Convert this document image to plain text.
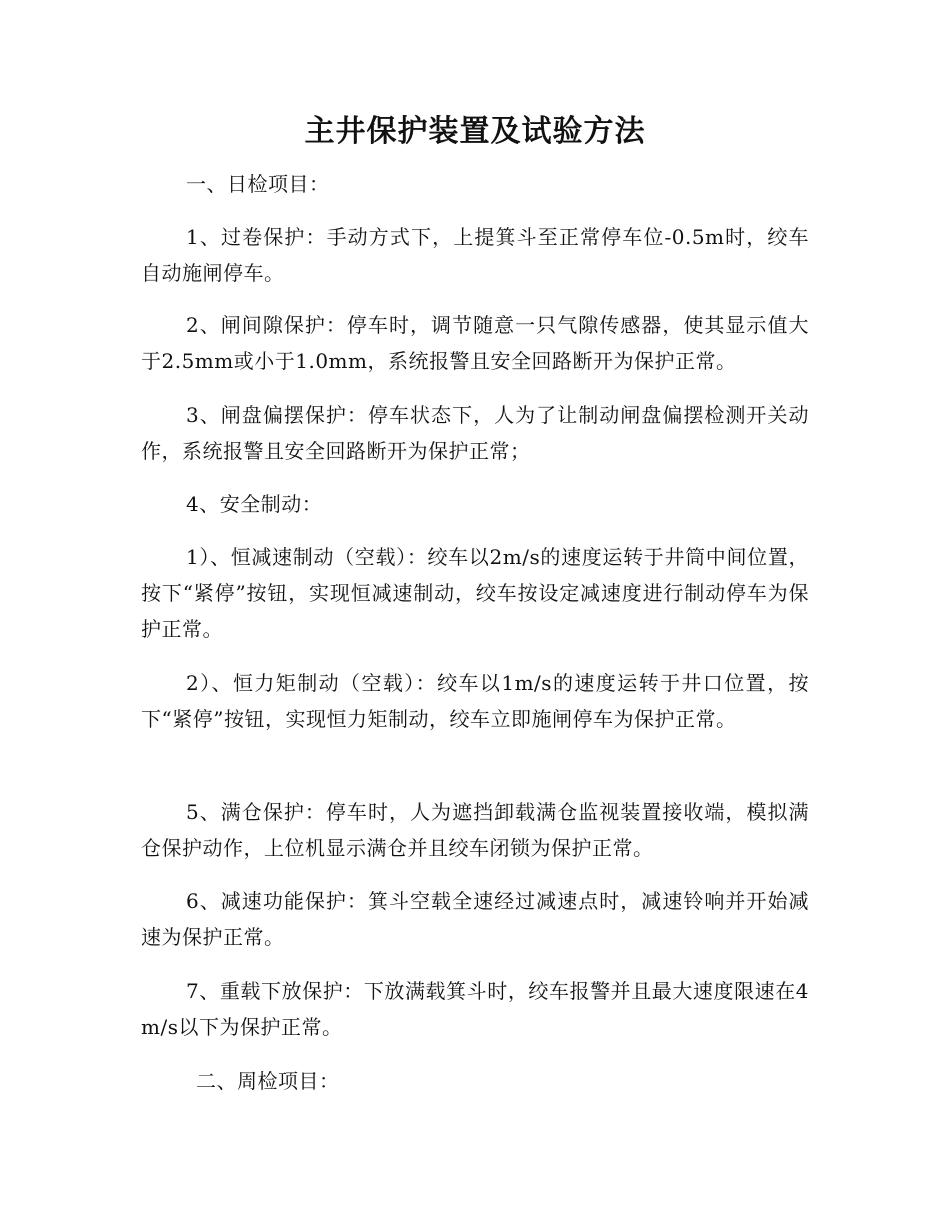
主井保护装置及试验方法

一、日检项目：

1、过卷保护：手动方式下，上提箕斗至正常停车位-0.5m时，绞车自动施闸停车。

2、闸间隙保护：停车时，调节随意一只气隙传感器，使其显示值大于2.5mm或小于1.0mm，系统报警且安全回路断开为保护正常。

3、闸盘偏摆保护：停车状态下，人为了让制动闸盘偏摆检测开关动作，系统报警且安全回路断开为保护正常；

4、安全制动：

1）、恒减速制动（空载）：绞车以2m/s的速度运转于井筒中间位置，按下“紧停”按钮，实现恒减速制动，绞车按设定减速度进行制动停车为保护正常。

2）、恒力矩制动（空载）：绞车以1m/s的速度运转于井口位置，按下“紧停”按钮，实现恒力矩制动，绞车立即施闸停车为保护正常。

5、满仓保护：停车时，人为遮挡卸载满仓监视装置接收端，模拟满仓保护动作，上位机显示满仓并且绞车闭锁为保护正常。

6、减速功能保护：箕斗空载全速经过减速点时，减速铃响并开始减速为保护正常。

7、重载下放保护：下放满载箕斗时，绞车报警并且最大速度限速在4m/s以下为保护正常。

二、周检项目：
